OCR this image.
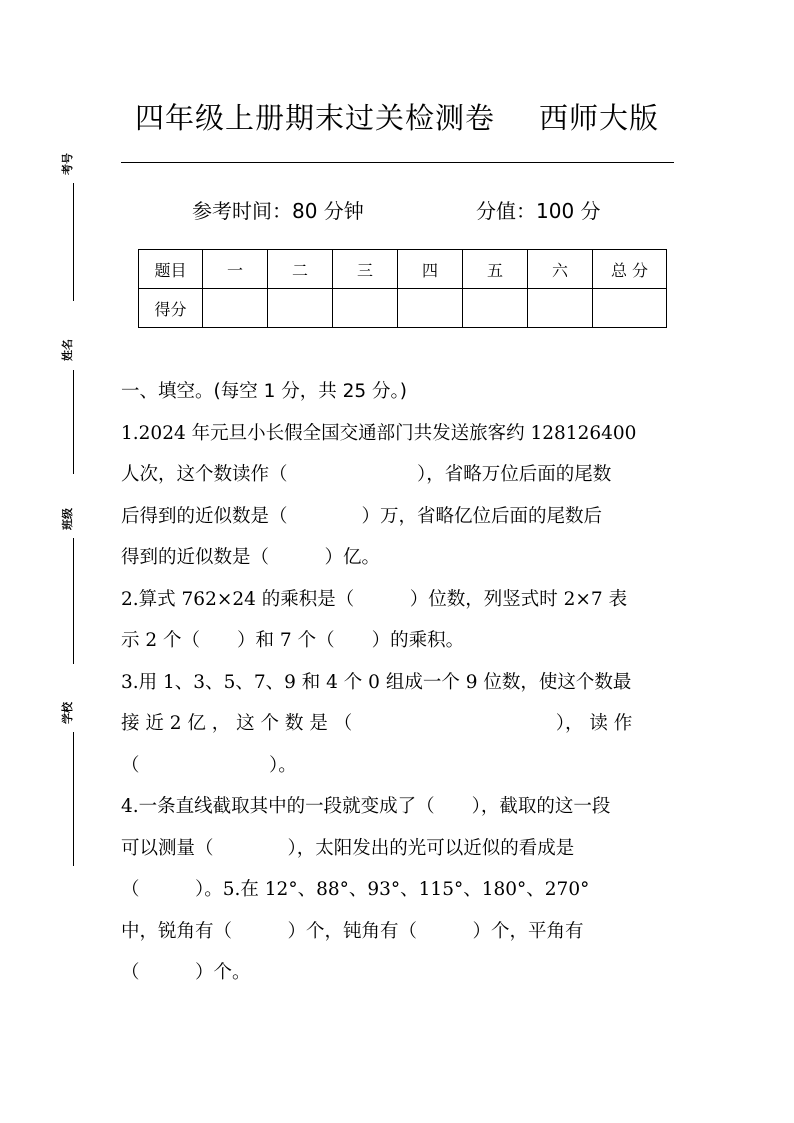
考号
姓名
班级
学校
四年级上册期末过关检测卷 西师大版
参考时间：80 分钟	分值：100 分
题目	一	二	三	四	五	六	总 分
得分							

一、填空。(每空 1 分，共 25 分。)

1.2024 年元旦小长假全国交通部门共发送旅客约 128126400

人次，这个数读作（　　　　　　　），省略万位后面的尾数

后得到的近似数是（　　　　）万，省略亿位后面的尾数后

得到的近似数是（　　　）亿。

2.算式 762×24 的乘积是（　　　）位数，列竖式时 2×7 表

示 2 个（　　）和 7 个（　　）的乘积。

3.用 1、3、5、7、9 和 4 个 0 组成一个 9 位数，使这个数最

接 近 2 亿 ， 这 个 数 是 （　　　　　　　　　　　）， 读 作

（　　　　　　　）。

4.一条直线截取其中的一段就变成了（　　），截取的这一段

可以测量（　　　　），太阳发出的光可以近似的看成是

（　　　）。5.在 12°、88°、93°、115°、180°、270°

中，锐角有（　　　）个，钝角有（　　　）个，平角有

（　　　）个。
